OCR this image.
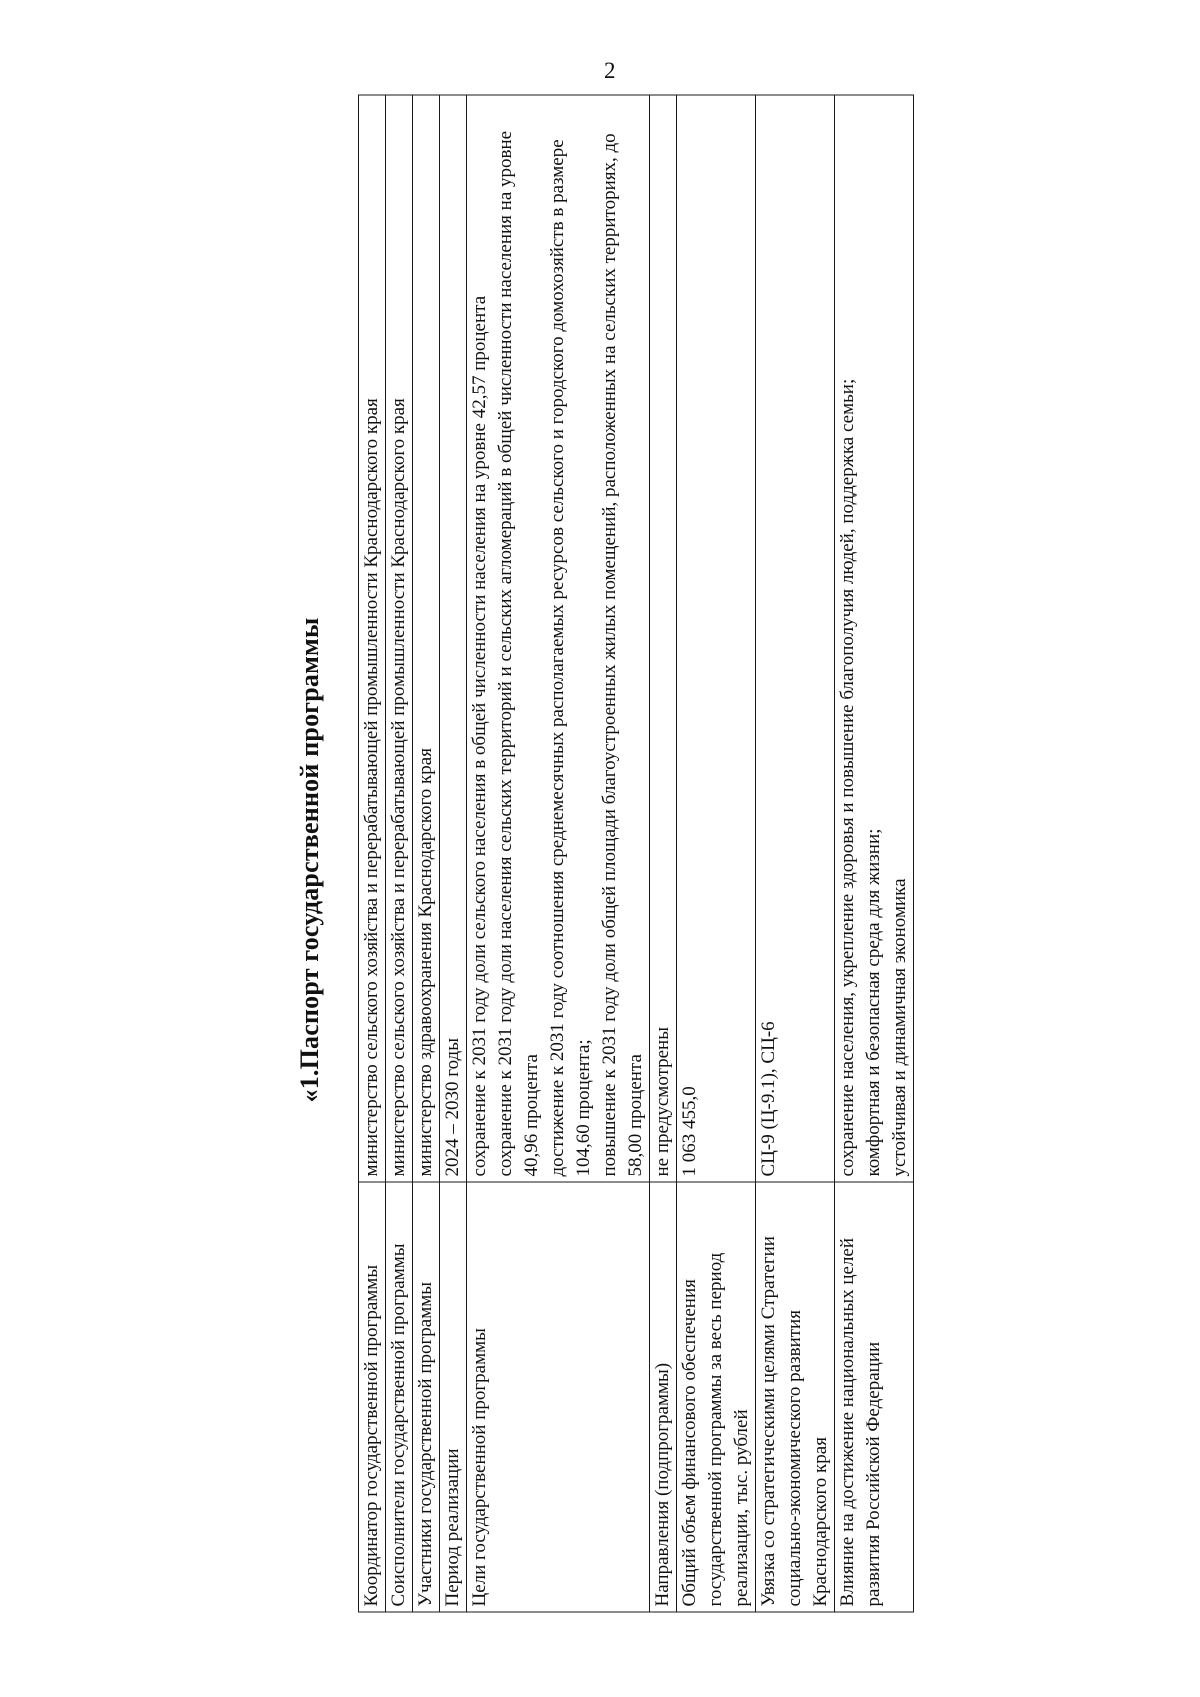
2
«1.Паспорт государственной программы
Координатор государственной программы	министерство сельского хозяйства и перерабатывающей промышленности Краснодарского края

Соисполнители государственной программы	министерство сельского хозяйства и перерабатывающей промышленности Краснодарского края

Участники государственной программы	министерство здравоохранения Краснодарского края

Период реализации	2024 – 2030 годы

Цели государственной программы	сохранение к 2031 году доли сельского населения в общей численности населения на уровне 42,57 процента сохранение к 2031 году доли населения сельских территорий и сельских агломераций в общей численности населения на уровне 40,96 процента достижение к 2031 году соотношения среднемесячных располагаемых ресурсов сельского и городского домохозяйств в размере 104,60 процента; повышение к 2031 году доли общей площади благоустроенных жилых помещений, расположенных на сельских территориях, до 58,00 процента

Направления (подпрограммы)	не предусмотрены

Общий объем финансового обеспечения государственной программы за весь период реализации, тыс. рублей	1 063 455,0

Увязка со стратегическими целями Стратегии социально-экономического развития Краснодарского края	СЦ-9 (Ц-9.1), СЦ-6

Влияние на достижение национальных целей развития Российской Федерации	сохранение населения, укрепление здоровья и повышение благополучия людей, поддержка семьи; комфортная и безопасная среда для жизни; устойчивая и динамичная экономика
